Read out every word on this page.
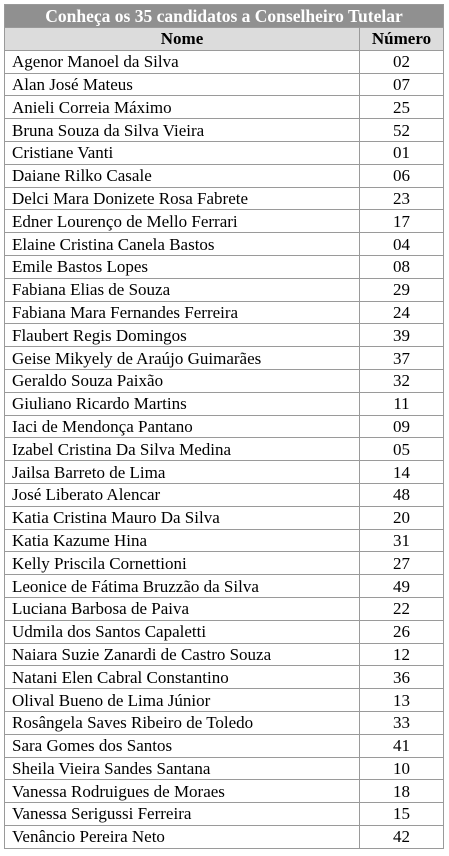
Conheça os 35 candidatos a Conselheiro Tutelar	
Nome	Número
Agenor Manoel da Silva	02
Alan José Mateus	07
Anieli Correia Máximo	25
Bruna Souza da Silva Vieira	52
Cristiane Vanti	01
Daiane Rilko Casale	06
Delci Mara Donizete Rosa Fabrete	23
Edner Lourenço de Mello Ferrari	17
Elaine Cristina Canela Bastos	04
Emile Bastos Lopes	08
Fabiana Elias de Souza	29
Fabiana Mara Fernandes Ferreira	24
Flaubert Regis Domingos	39
Geise Mikyely de Araújo Guimarães	37
Geraldo Souza Paixão	32
Giuliano Ricardo Martins	11
Iaci de Mendonça Pantano	09
Izabel Cristina Da Silva Medina	05
Jailsa Barreto de Lima	14
José Liberato Alencar	48
Katia Cristina Mauro Da Silva	20
Katia Kazume Hina	31
Kelly Priscila Cornettioni	27
Leonice de Fátima Bruzzão da Silva	49
Luciana Barbosa de Paiva	22
Udmila dos Santos Capaletti	26
Naiara Suzie Zanardi de Castro Souza	12
Natani Elen Cabral Constantino	36
Olival Bueno de Lima Júnior	13
Rosângela Saves Ribeiro de Toledo	33
Sara Gomes dos Santos	41
Sheila Vieira Sandes Santana	10
Vanessa Rodruigues de Moraes	18
Vanessa Serigussi Ferreira	15
Venâncio Pereira Neto	42
